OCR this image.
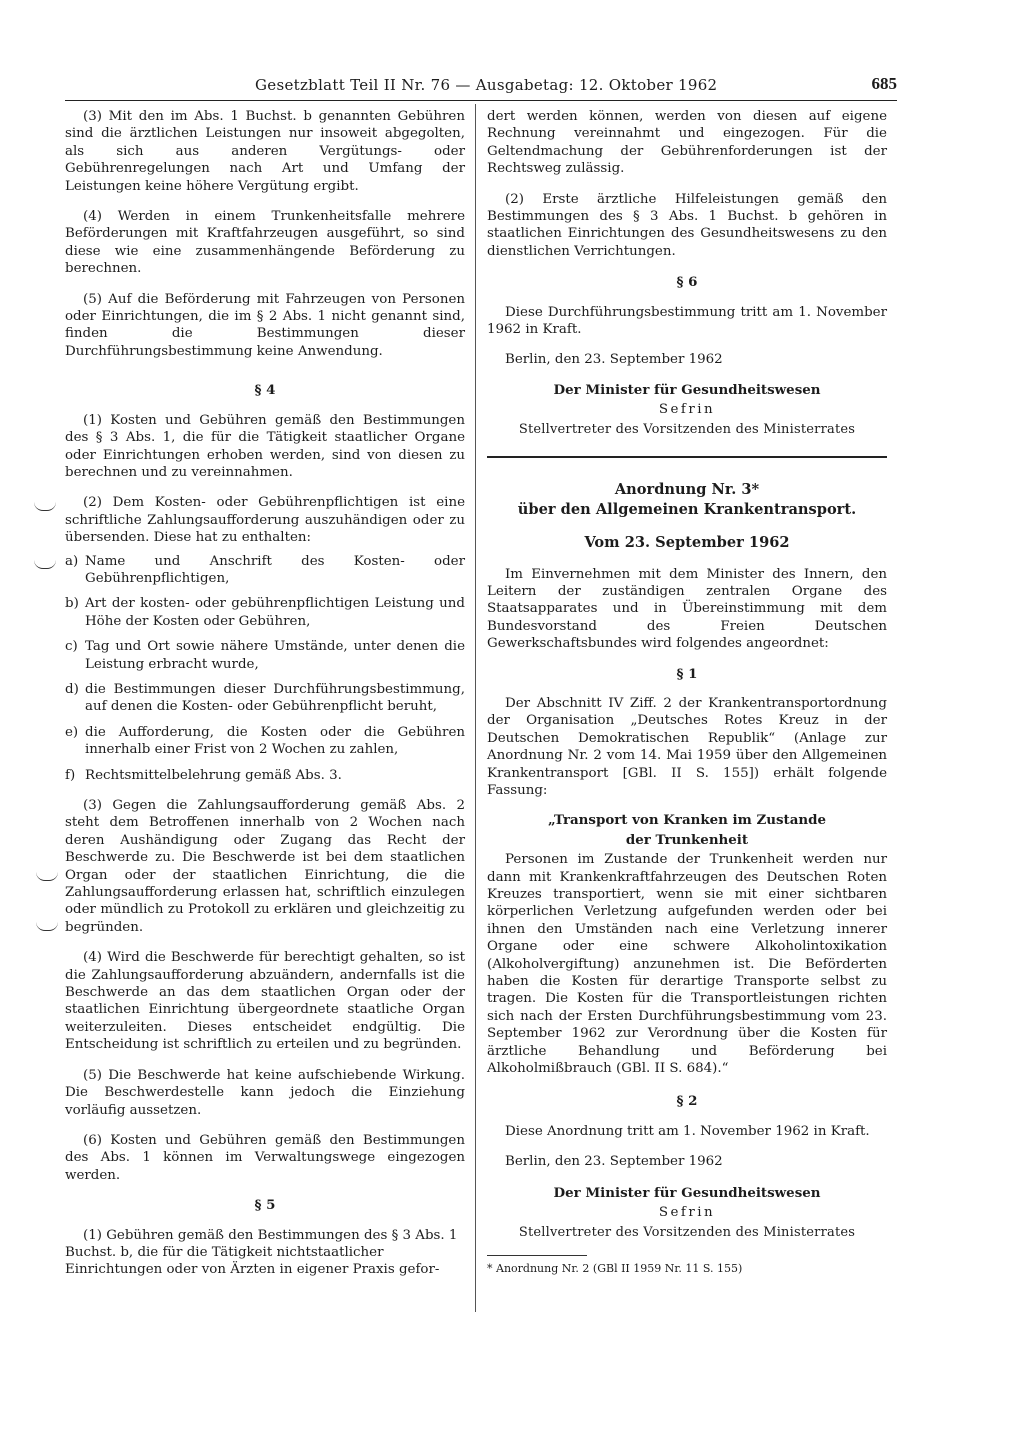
Gesetzblatt Teil II Nr. 76 — Ausgabetag: 12. Oktober 1962	685

(3) Mit den im Abs. 1 Buchst. b genannten Gebühren sind die ärztlichen Leistungen nur insoweit abgegolten, als sich aus anderen Vergütungs- oder Gebührenregelungen nach Art und Umfang der Leistungen keine höhere Vergütung ergibt.

(4) Werden in einem Trunkenheitsfalle mehrere Beförderungen mit Kraftfahrzeugen ausgeführt, so sind diese wie eine zusammenhängende Beförderung zu berechnen.

(5) Auf die Beförderung mit Fahrzeugen von Personen oder Einrichtungen, die im § 2 Abs. 1 nicht genannt sind, finden die Bestimmungen dieser Durchführungsbestimmung keine Anwendung.

§ 4

(1) Kosten und Gebühren gemäß den Bestimmungen des § 3 Abs. 1, die für die Tätigkeit staatlicher Organe oder Einrichtungen erhoben werden, sind von diesen zu berechnen und zu vereinnahmen.

(2) Dem Kosten- oder Gebührenpflichtigen ist eine schriftliche Zahlungsaufforderung auszuhändigen oder zu übersenden. Diese hat zu enthalten:

a) Name und Anschrift des Kosten- oder Gebührenpflichtigen,
b) Art der kosten- oder gebührenpflichtigen Leistung und Höhe der Kosten oder Gebühren,
c) Tag und Ort sowie nähere Umstände, unter denen die Leistung erbracht wurde,
d) die Bestimmungen dieser Durchführungsbestimmung, auf denen die Kosten- oder Gebührenpflicht beruht,
e) die Aufforderung, die Kosten oder die Gebühren innerhalb einer Frist von 2 Wochen zu zahlen,
f) Rechtsmittelbelehrung gemäß Abs. 3.

(3) Gegen die Zahlungsaufforderung gemäß Abs. 2 steht dem Betroffenen innerhalb von 2 Wochen nach deren Aushändigung oder Zugang das Recht der Beschwerde zu. Die Beschwerde ist bei dem staatlichen Organ oder der staatlichen Einrichtung, die die Zahlungsaufforderung erlassen hat, schriftlich einzulegen oder mündlich zu Protokoll zu erklären und gleichzeitig zu begründen.

(4) Wird die Beschwerde für berechtigt gehalten, so ist die Zahlungsaufforderung abzuändern, andernfalls ist die Beschwerde an das dem staatlichen Organ oder der staatlichen Einrichtung übergeordnete staatliche Organ weiterzuleiten. Dieses entscheidet endgültig. Die Entscheidung ist schriftlich zu erteilen und zu begründen.

(5) Die Beschwerde hat keine aufschiebende Wirkung. Die Beschwerdestelle kann jedoch die Einziehung vorläufig aussetzen.

(6) Kosten und Gebühren gemäß den Bestimmungen des Abs. 1 können im Verwaltungswege eingezogen werden.

§ 5

(1) Gebühren gemäß den Bestimmungen des § 3 Abs. 1 Buchst. b, die für die Tätigkeit nichtstaatlicher Einrichtungen oder von Ärzten in eigener Praxis gefor-

dert werden können, werden von diesen auf eigene Rechnung vereinnahmt und eingezogen. Für die Geltendmachung der Gebührenforderungen ist der Rechtsweg zulässig.

(2) Erste ärztliche Hilfeleistungen gemäß den Bestimmungen des § 3 Abs. 1 Buchst. b gehören in staatlichen Einrichtungen des Gesundheitswesens zu den dienstlichen Verrichtungen.

§ 6

Diese Durchführungsbestimmung tritt am 1. November 1962 in Kraft.

Berlin, den 23. September 1962

Der Minister für Gesundheitswesen
Sefrin
Stellvertreter des Vorsitzenden des Ministerrates
Anordnung Nr. 3*
über den Allgemeinen Krankentransport.
Vom 23. September 1962

Im Einvernehmen mit dem Minister des Innern, den Leitern der zuständigen zentralen Organe des Staatsapparates und in Übereinstimmung mit dem Bundesvorstand des Freien Deutschen Gewerkschaftsbundes wird folgendes angeordnet:

§ 1

Der Abschnitt IV Ziff. 2 der Krankentransportordnung der Organisation „Deutsches Rotes Kreuz in der Deutschen Demokratischen Republik“ (Anlage zur Anordnung Nr. 2 vom 14. Mai 1959 über den Allgemeinen Krankentransport [GBl. II S. 155]) erhält folgende Fassung:

„Transport von Kranken im Zustande
der Trunkenheit

Personen im Zustande der Trunkenheit werden nur dann mit Krankenkraftfahrzeugen des Deutschen Roten Kreuzes transportiert, wenn sie mit einer sichtbaren körperlichen Verletzung aufgefunden werden oder bei ihnen den Umständen nach eine Verletzung innerer Organe oder eine schwere Alkoholintoxikation (Alkoholvergiftung) anzunehmen ist. Die Beförderten haben die Kosten für derartige Transporte selbst zu tragen. Die Kosten für die Transportleistungen richten sich nach der Ersten Durchführungsbestimmung vom 23. September 1962 zur Verordnung über die Kosten für ärztliche Behandlung und Beförderung bei Alkoholmißbrauch (GBl. II S. 684).“

§ 2

Diese Anordnung tritt am 1. November 1962 in Kraft.

Berlin, den 23. September 1962

Der Minister für Gesundheitswesen
Sefrin
Stellvertreter des Vorsitzenden des Ministerrates
* Anordnung Nr. 2 (GBl II 1959 Nr. 11 S. 155)
